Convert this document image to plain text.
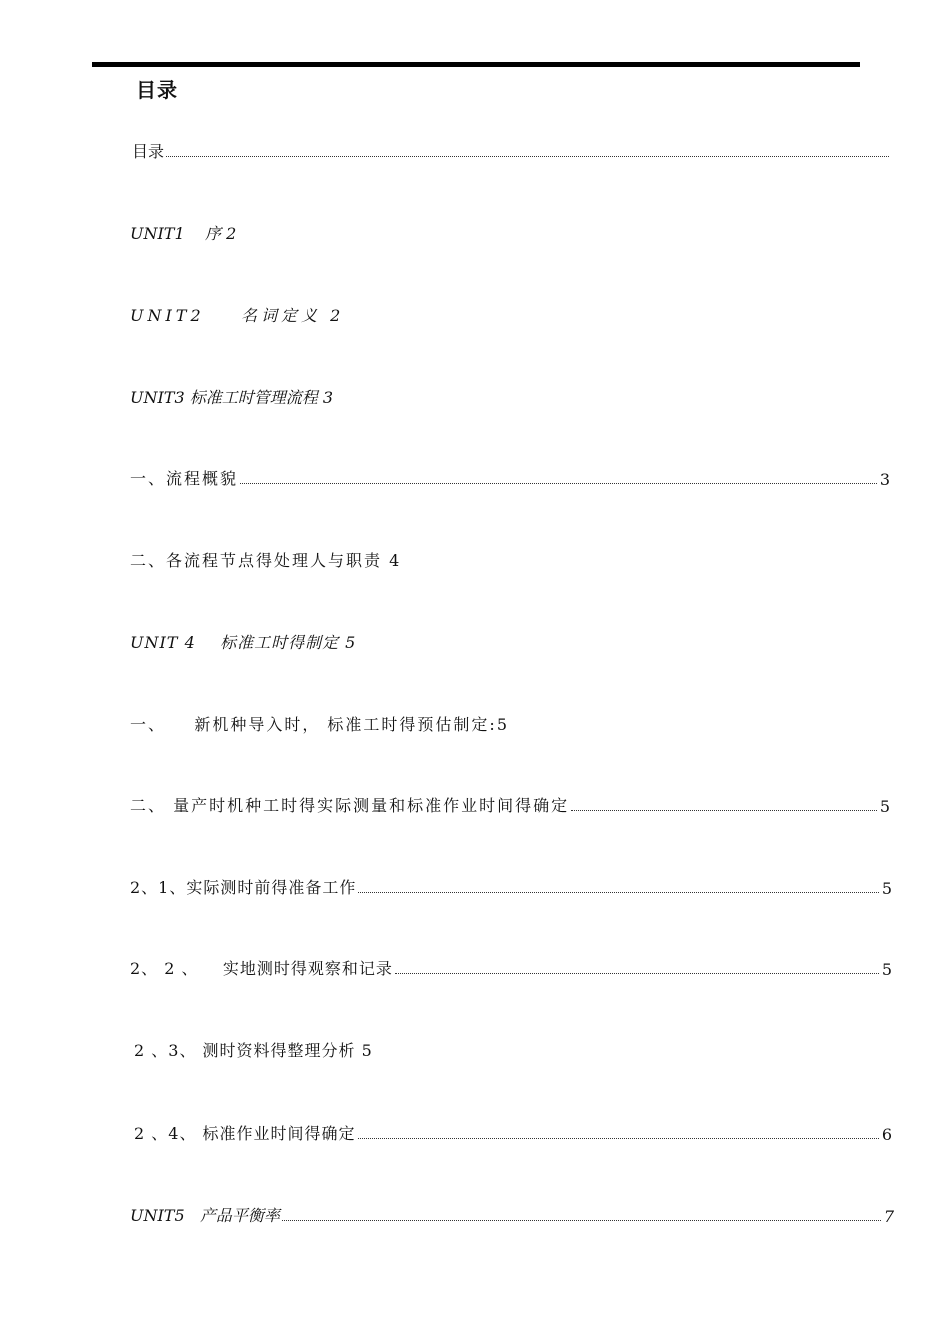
目录
目录
UNIT1    序 2
UNIT2    名词定义 2
UNIT3 标准工时管理流程 3
一、流程概貌	3
二、各流程节点得处理人与职责 4
UNIT 4    标准工时得制定 5
一、    新机种导入时， 标准工时得预估制定:5
二、 量产时机种工时得实际测量和标准作业时间得确定	5
2、1、实际测时前得准备工作	5
2、 2 、    实地测时得观察和记录	5
2 、3、 测时资料得整理分析 5
2 、4、 标准作业时间得确定	6
UNIT5   产品平衡率	7
